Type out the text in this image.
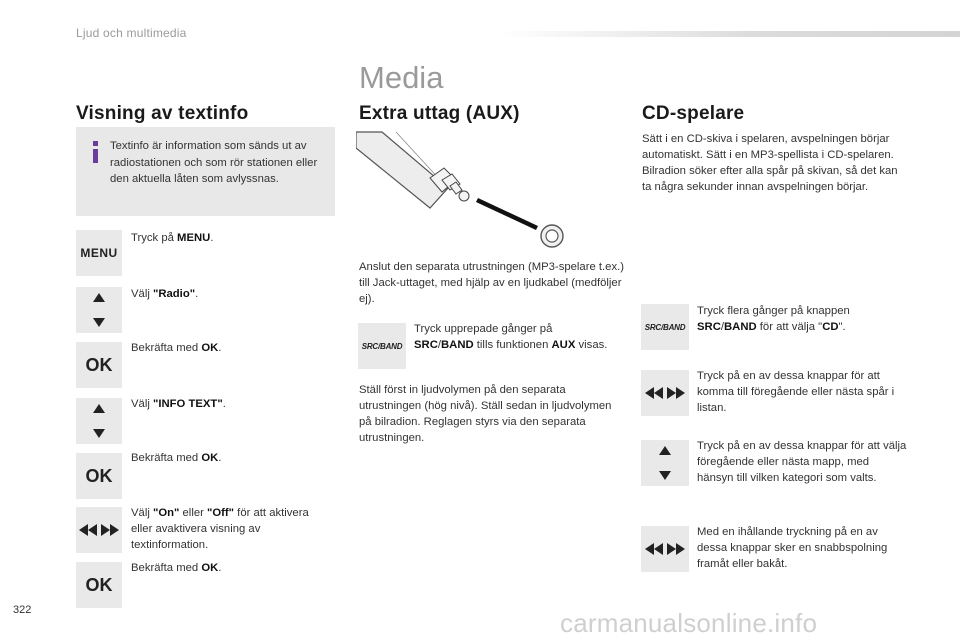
Ljud och multimedia
Media
Visning av textinfo
Textinfo är information som sänds ut av radiostationen och som rör stationen eller den aktuella låten som avlyssnas.
MENU
OK
OK
OK
Tryck på MENU.
Välj "Radio".
Bekräfta med OK.
Välj "INFO TEXT".
Bekräfta med OK.
Välj "On" eller "Off" för att aktivera eller avaktivera visning av textinformation.
Bekräfta med OK.
Extra uttag (AUX)
Anslut den separata utrustningen (MP3-spelare t.ex.) till Jack-uttaget, med hjälp av en ljudkabel (medföljer ej).
SRC/BAND
Tryck upprepade gånger på SRC/BAND tills funktionen AUX visas.
Ställ först in ljudvolymen på den separata utrustningen (hög nivå). Ställ sedan in ljudvolymen på bilradion. Reglagen styrs via den separata utrustningen.
CD-spelare
Sätt i en CD-skiva i spelaren, avspelningen börjar automatiskt. Sätt i en MP3-spellista i CD-spelaren. Bilradion söker efter alla spår på skivan, så det kan ta några sekunder innan avspelningen börjar.
SRC/BAND
Tryck flera gånger på knappen SRC/BAND för att välja "CD".
Tryck på en av dessa knappar för att komma till föregående eller nästa spår i listan.
Tryck på en av dessa knappar för att välja föregående eller nästa mapp, med hänsyn till vilken kategori som valts.
Med en ihållande tryckning på en av dessa knappar sker en snabbspolning framåt eller bakåt.
322	carmanualsonline.info
